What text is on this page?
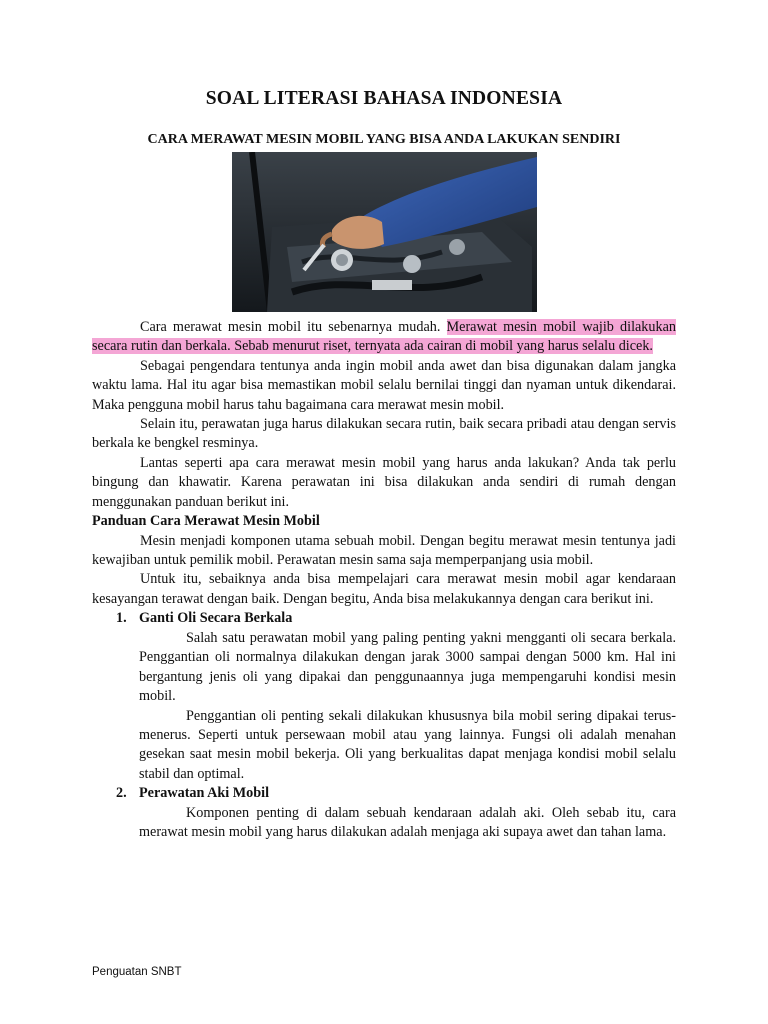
SOAL LITERASI BAHASA INDONESIA
CARA MERAWAT MESIN MOBIL YANG BISA ANDA LAKUKAN SENDIRI

Cara merawat mesin mobil itu sebenarnya mudah. Merawat mesin mobil wajib dilakukan secara rutin dan berkala. Sebab menurut riset, ternyata ada cairan di mobil yang harus selalu dicek.

Sebagai pengendara tentunya anda ingin mobil anda awet dan bisa digunakan dalam jangka waktu lama. Hal itu agar bisa memastikan mobil selalu bernilai tinggi dan nyaman untuk dikendarai. Maka pengguna mobil harus tahu bagaimana cara merawat mesin mobil.

Selain itu, perawatan juga harus dilakukan secara rutin, baik secara pribadi atau dengan servis berkala ke bengkel resminya.

Lantas seperti apa cara merawat mesin mobil yang harus anda lakukan? Anda tak perlu bingung dan khawatir. Karena perawatan ini bisa dilakukan anda sendiri di rumah dengan menggunakan panduan berikut ini.

Panduan Cara Merawat Mesin Mobil

Mesin menjadi komponen utama sebuah mobil. Dengan begitu merawat mesin tentunya jadi kewajiban untuk pemilik mobil. Perawatan mesin sama saja memperpanjang usia mobil.

Untuk itu, sebaiknya anda bisa mempelajari cara merawat mesin mobil agar kendaraan kesayangan terawat dengan baik. Dengan begitu, Anda bisa melakukannya dengan cara berikut ini.

1. Ganti Oli Secara Berkala

Salah satu perawatan mobil yang paling penting yakni mengganti oli secara berkala. Penggantian oli normalnya dilakukan dengan jarak 3000 sampai dengan 5000 km. Hal ini bergantung jenis oli yang dipakai dan penggunaannya juga mempengaruhi kondisi mesin mobil.

Penggantian oli penting sekali dilakukan khususnya bila mobil sering dipakai terus-menerus. Seperti untuk persewaan mobil atau yang lainnya. Fungsi oli adalah menahan gesekan saat mesin mobil bekerja. Oli yang berkualitas dapat menjaga kondisi mobil selalu stabil dan optimal.

2. Perawatan Aki Mobil

Komponen penting di dalam sebuah kendaraan adalah aki. Oleh sebab itu, cara merawat mesin mobil yang harus dilakukan adalah menjaga aki supaya awet dan tahan lama.

Penguatan SNBT
